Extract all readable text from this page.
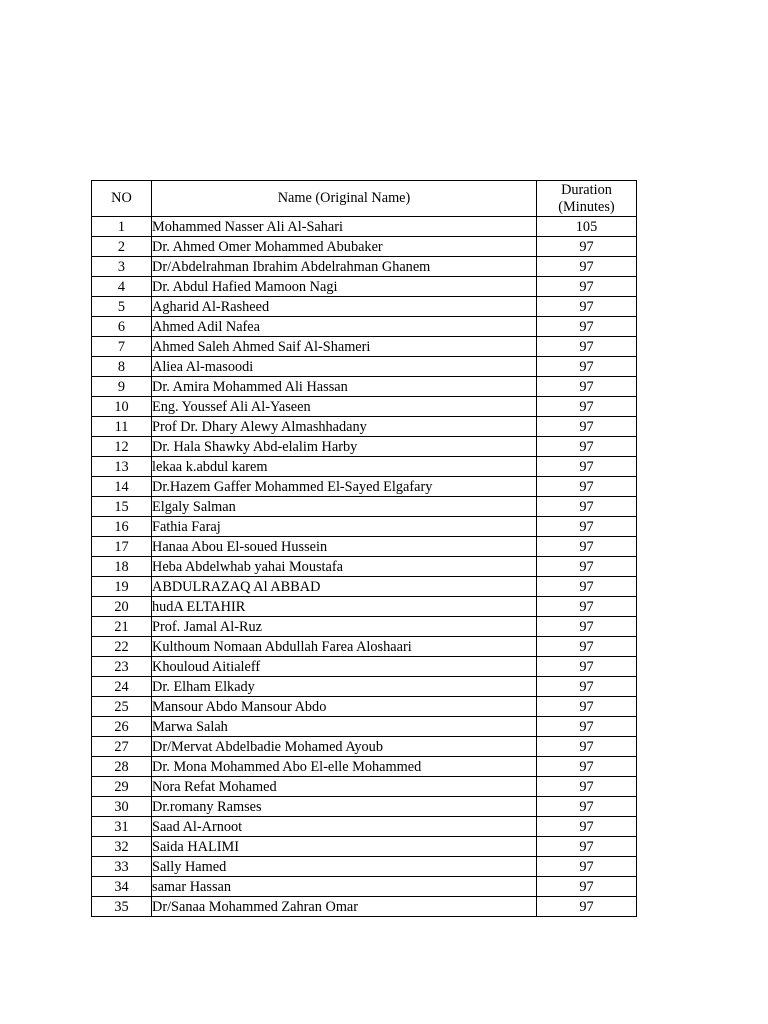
NO	Name (Original Name)	Duration
(Minutes)

1	Mohammed Nasser Ali Al-Sahari	105
2	Dr. Ahmed Omer Mohammed Abubaker	97
3	Dr/Abdelrahman Ibrahim Abdelrahman Ghanem	97
4	Dr. Abdul Hafied Mamoon Nagi	97
5	Agharid Al-Rasheed	97
6	Ahmed Adil Nafea	97
7	Ahmed Saleh Ahmed Saif Al-Shameri	97
8	Aliea Al-masoodi	97
9	Dr. Amira Mohammed Ali Hassan	97
10	Eng. Youssef Ali Al-Yaseen	97
11	Prof Dr. Dhary Alewy Almashhadany	97
12	Dr. Hala Shawky Abd-elalim Harby	97
13	lekaa k.abdul karem	97
14	Dr.Hazem Gaffer Mohammed El-Sayed Elgafary	97
15	Elgaly Salman	97
16	Fathia Faraj	97
17	Hanaa Abou El-soued Hussein	97
18	Heba Abdelwhab yahai Moustafa	97
19	ABDULRAZAQ Al ABBAD	97
20	hudA ELTAHIR	97
21	Prof. Jamal Al-Ruz	97
22	Kulthoum Nomaan Abdullah Farea Aloshaari	97
23	Khouloud Aitialeff	97
24	Dr. Elham Elkady	97
25	Mansour Abdo Mansour Abdo	97
26	Marwa Salah	97
27	Dr/Mervat Abdelbadie Mohamed Ayoub	97
28	Dr. Mona Mohammed Abo El-elle Mohammed	97
29	Nora Refat Mohamed	97
30	Dr.romany Ramses	97
31	Saad Al-Arnoot	97
32	Saida HALIMI	97
33	Sally Hamed	97
34	samar Hassan	97
35	Dr/Sanaa Mohammed Zahran Omar	97
